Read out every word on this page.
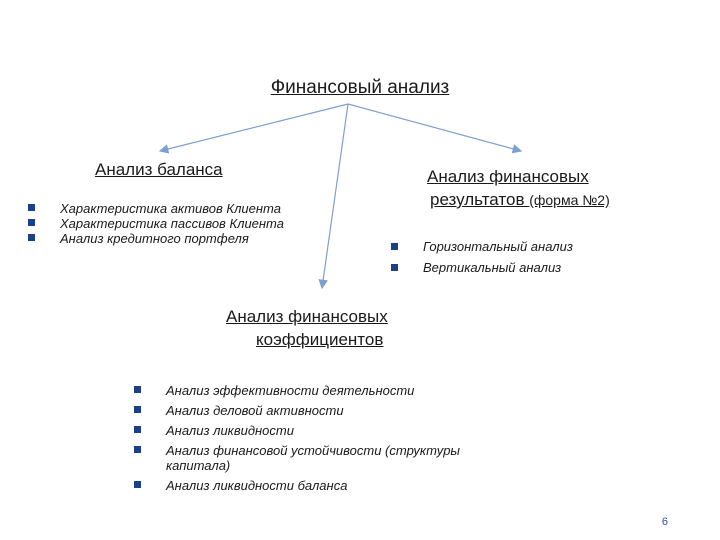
Финансовый анализ
Анализ баланса
Характеристика активов Клиента
Характеристика пассивов Клиента
Анализ кредитного портфеля
Анализ финансовых
результатов (форма №2)
Горизонтальный анализ
Вертикальный анализ
Анализ финансовых
коэффициентов
Анализ эффективности деятельности
Анализ деловой активности
Анализ ликвидности
Анализ финансовой устойчивости (структуры капитала)
Анализ ликвидности баланса
6
